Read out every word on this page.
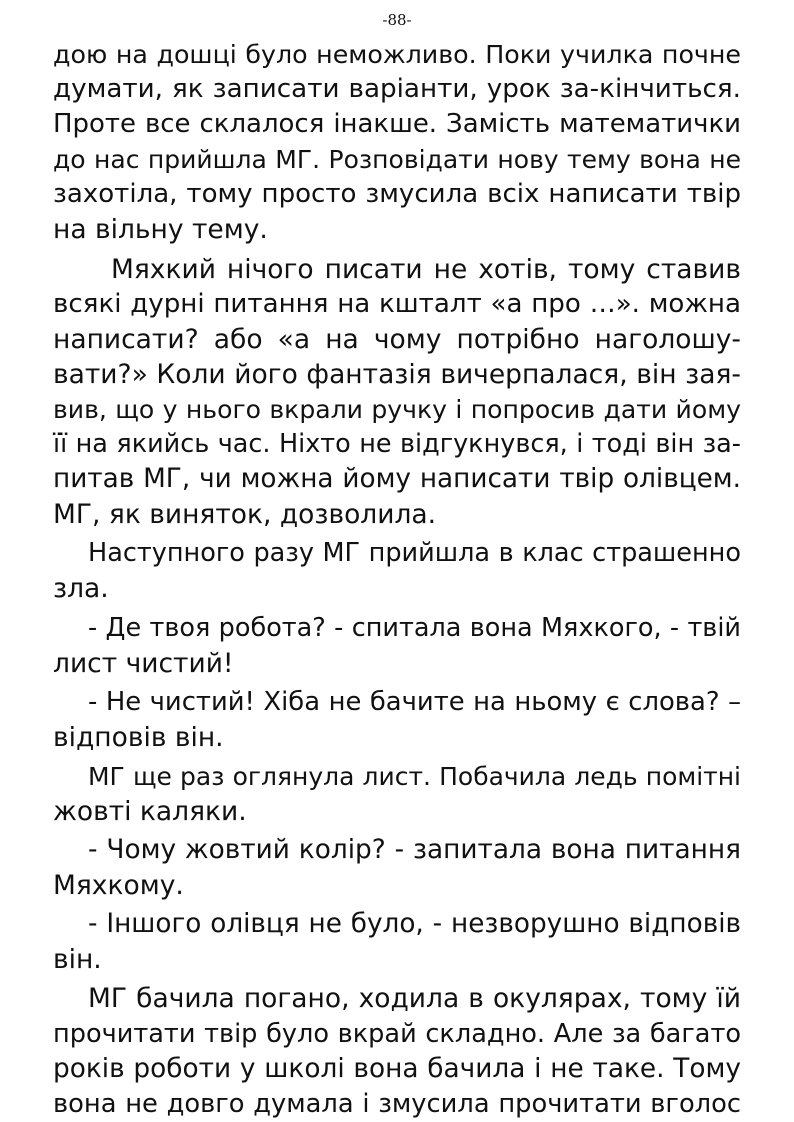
-88-
дою на дошці було неможливо. Поки училка почне
думати, як записати варіанти, урок за-кінчиться.
Проте все склалося інакше. Замість математички
до нас прийшла МГ. Розповідати нову тему вона не
захотіла, тому просто змусила всіх написати твір
на вільну тему.
Мяхкий нічого писати не хотів, тому ставив
всякі дурні питання на кшталт «а про …». можна
написати? або «а на чому потрібно наголошу-
вати?» Коли його фантазія вичерпалася, він зая-
вив, що у нього вкрали ручку і попросив дати йому
її на якийсь час. Ніхто не відгукнувся, і тоді він за-
питав МГ, чи можна йому написати твір олівцем.
МГ, як виняток, дозволила.
Наступного разу МГ прийшла в клас страшенно
зла.
- Де твоя робота? - спитала вона Мяхкого, - твій
лист чистий!
- Не чистий! Хіба не бачите на ньому є слова? –
відповів він.
МГ ще раз оглянула лист. Побачила ледь помітні
жовті каляки.
- Чому жовтий колір? - запитала вона питання
Мяхкому.
- Іншого олівця не було, - незворушно відповів
він.
МГ бачила погано, ходила в окулярах, тому їй
прочитати твір було вкрай складно. Але за багато
років роботи у школі вона бачила і не таке. Тому
вона не довго думала і змусила прочитати вголос
